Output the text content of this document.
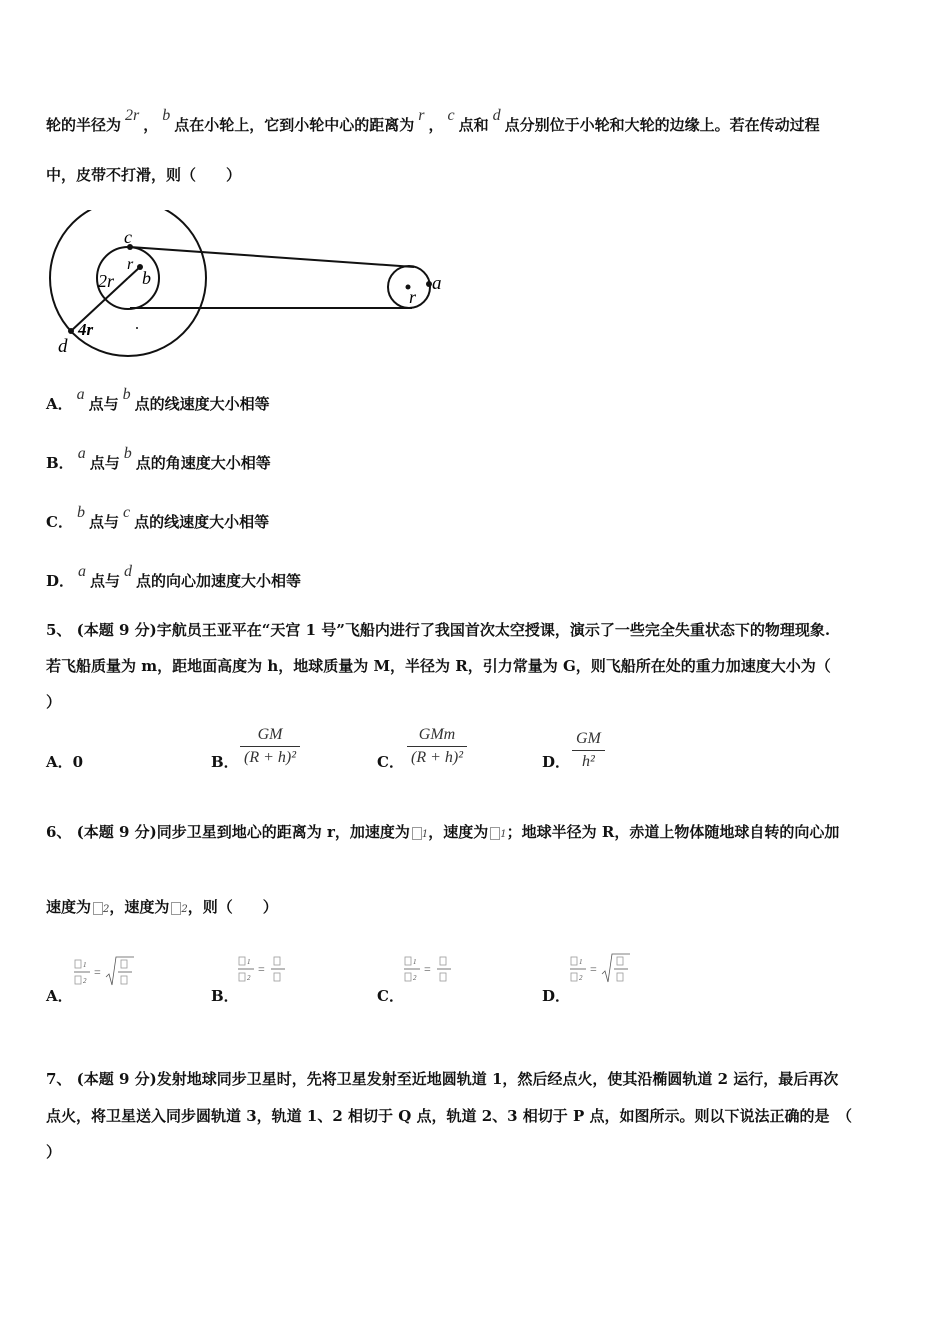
轮的半径为2r，b点在小轮上，它到小轮中心的距离为r，c点和d点分别位于小轮和大轮的边缘上。若在传动过程
中，皮带不打滑，则（　　）
c
r
b
2r
4r
d
a
r
A．a点与b点的线速度大小相等
B．a点与b点的角速度大小相等
C．b点与c点的线速度大小相等
D．a点与d点的向心加速度大小相等
5、 (本题 9 分)宇航员王亚平在“天宫 1 号”飞船内进行了我国首次太空授课，演示了一些完全失重状态下的物理现象.
若飞船质量为 m，距地面高度为 h，地球质量为 M，半径为 R，引力常量为 G，则飞船所在处的重力加速度大小为（
）
A．0	B． $\frac{GM}{\text{(R + h)²}}$	C．
GMm
(R + h)²	D． $\frac{GM}{\text{h²}}$
6、 (本题 9 分)同步卫星到地心的距离为 r，加速度为 1，速度为 1；地球半径为 R，赤道上物体随地球自转的向心加
速度为 2，速度为 2，则（　　）
A．
1
2
=
B．
1
2
=
C．
1
2
=
D．
1
2
=
7、 (本题 9 分)发射地球同步卫星时，先将卫星发射至近地圆轨道 1，然后经点火，使其沿椭圆轨道 2 运行，最后再次
点火，将卫星送入同步圆轨道 3，轨道 1、2 相切于 Q 点，轨道 2、3 相切于 P 点，如图所示。则以下说法正确的是　（
）
